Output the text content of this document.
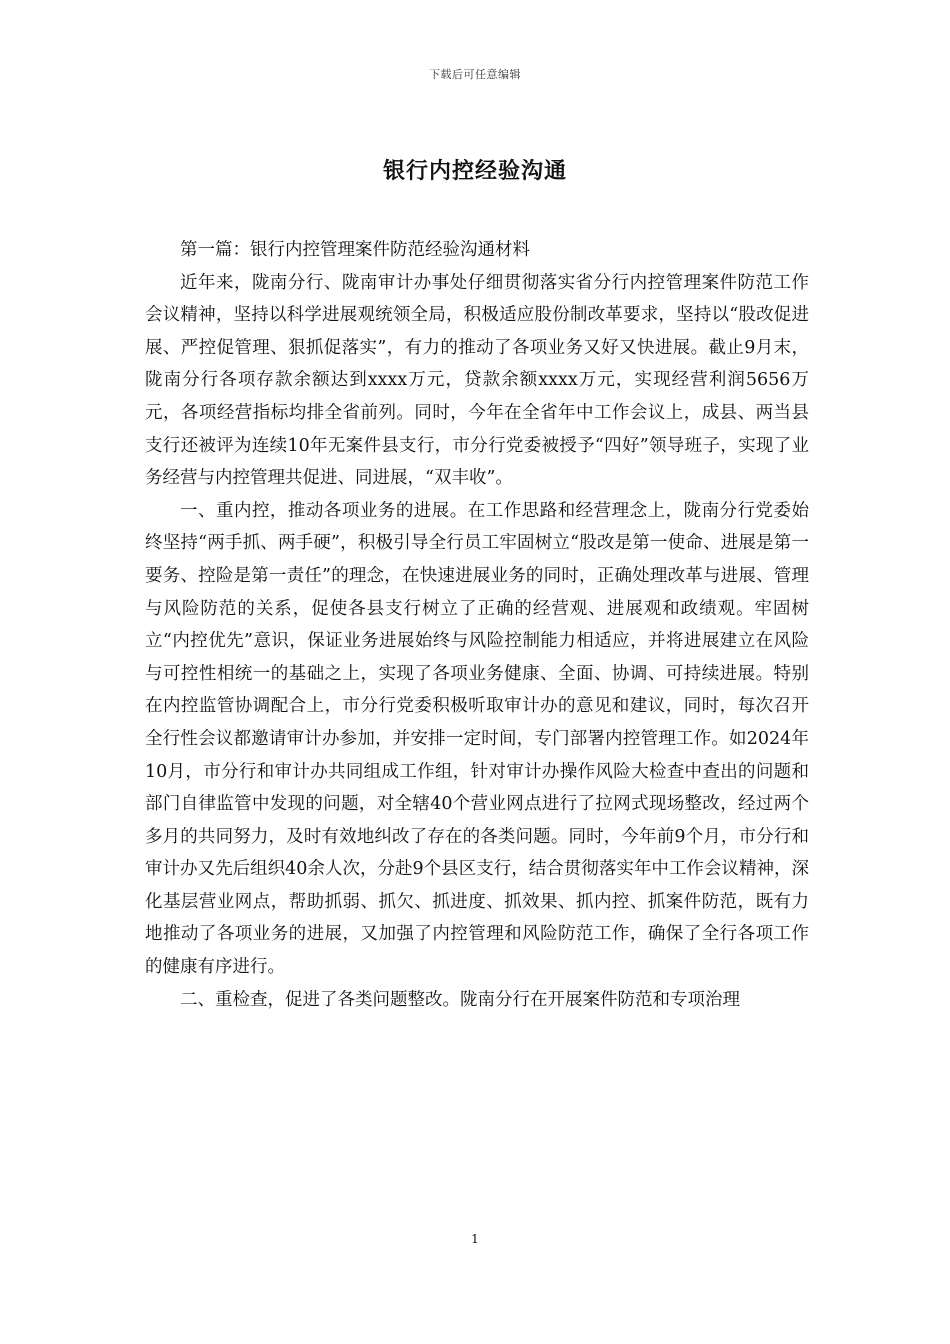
下载后可任意编辑
银行内控经验沟通

第一篇：银行内控管理案件防范经验沟通材料

近年来，陇南分行、陇南审计办事处仔细贯彻落实省分行内控管理案件防范工作会议精神，坚持以科学进展观统领全局，积极适应股份制改革要求，坚持以“股改促进展、严控促管理、狠抓促落实”，有力的推动了各项业务又好又快进展。截止9月末，陇南分行各项存款余额达到xxxx万元，贷款余额xxxx万元，实现经营利润5656万元，各项经营指标均排全省前列。同时，今年在全省年中工作会议上，成县、两当县支行还被评为连续10年无案件县支行，市分行党委被授予“四好”领导班子，实现了业务经营与内控管理共促进、同进展，“双丰收”。

一、重内控，推动各项业务的进展。在工作思路和经营理念上，陇南分行党委始终坚持“两手抓、两手硬”，积极引导全行员工牢固树立“股改是第一使命、进展是第一要务、控险是第一责任”的理念，在快速进展业务的同时，正确处理改革与进展、管理与风险防范的关系，促使各县支行树立了正确的经营观、进展观和政绩观。牢固树立“内控优先”意识，保证业务进展始终与风险控制能力相适应，并将进展建立在风险与可控性相统一的基础之上，实现了各项业务健康、全面、协调、可持续进展。特别在内控监管协调配合上，市分行党委积极听取审计办的意见和建议，同时，每次召开全行性会议都邀请审计办参加，并安排一定时间，专门部署内控管理工作。如2024年10月，市分行和审计办共同组成工作组，针对审计办操作风险大检查中查出的问题和部门自律监管中发现的问题，对全辖40个营业网点进行了拉网式现场整改，经过两个多月的共同努力，及时有效地纠改了存在的各类问题。同时，今年前9个月，市分行和审计办又先后组织40余人次，分赴9个县区支行，结合贯彻落实年中工作会议精神，深化基层营业网点，帮助抓弱、抓欠、抓进度、抓效果、抓内控、抓案件防范，既有力地推动了各项业务的进展，又加强了内控管理和风险防范工作，确保了全行各项工作的健康有序进行。

二、重检查，促进了各类问题整改。陇南分行在开展案件防范和专项治理

1
